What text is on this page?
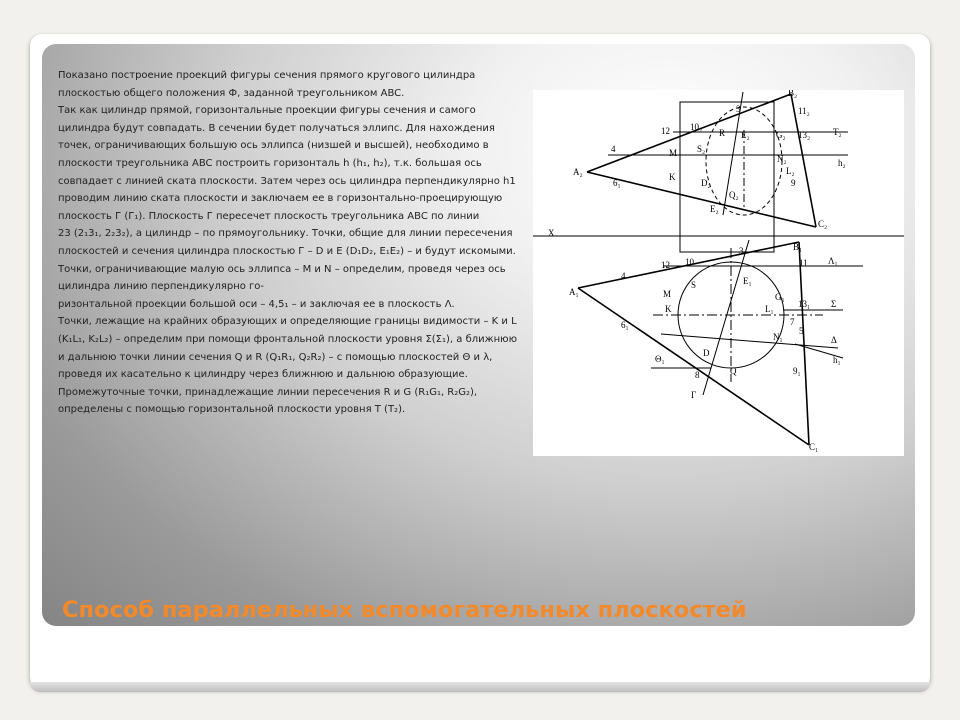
Показано построение проекций фигуры сечения прямого кругового цилиндра плоскостью общего положения Ф, заданной треугольником ABC.

Так как цилиндр прямой, горизонтальные проекции фигуры сечения и самого цилиндра будут совпадать. В сечении будет получаться эллипс. Для нахождения точек, ограничивающих большую ось эллипса (низшей и высшей), необходимо в плоскости треугольника ABC построить горизонталь h (h₁, h₂), т.к. большая ось совпадает с линией ската плоскости. Затем через ось цилиндра перпендикулярно h1 проводим линию ската плоскости и заключаем ее в горизонтально-проецирующую плоскость Г (Г₁). Плоскость Г пересечет плоскость треугольника ABC по линии

23 (2₁3₁, 2₂3₂), а цилиндр – по прямоугольнику. Точки, общие для линии пересечения плоскостей и сечения цилиндра плоскостью Г – D и E (D₁D₂, E₁E₂) – и будут искомыми. Точки, ограничивающие малую ось эллипса – M и N – определим, проведя через ось цилиндра линию перпендикулярно го-

ризонтальной проекции большой оси – 4,5₁ – и заключая ее в плоскость Λ.

Точки, лежащие на крайних образующих и определяющие границы видимости – K и L

(K₁L₁, K₂L₂) – определим при помощи фронтальной плоскости уровня Σ(Σ₁), а ближнюю и дальнюю точки линии сечения Q и R (Q₁R₁, Q₂R₂) – с помощью плоскостей Θ и λ, проведя их касательно к цилиндру через ближнюю и дальнюю образующие. Промежуточные точки, принадлежащие линии пересечения R и G (R₁G₁, R₂G₂), определены с помощью горизонтальной плоскости уровня T (T₂).

A₂
B₂
C₂
X
3	11₂
13₂
10₂
12
4
6₁
R E₂	G₂
M S₂
K
D₂
Q₂
E₂
N₂
L₂
9
T₂
h₂
A₁
B₁
C₁
3
11
10
12
4
6₁
M
S
K
E₁
G₁
L₁	13₁
7
N₁
5
D
Q
8	9₁
Θ₁
Γ
Λ₁
Σ
Δ
h₁
Способ параллельных вспомогательных плоскостей
